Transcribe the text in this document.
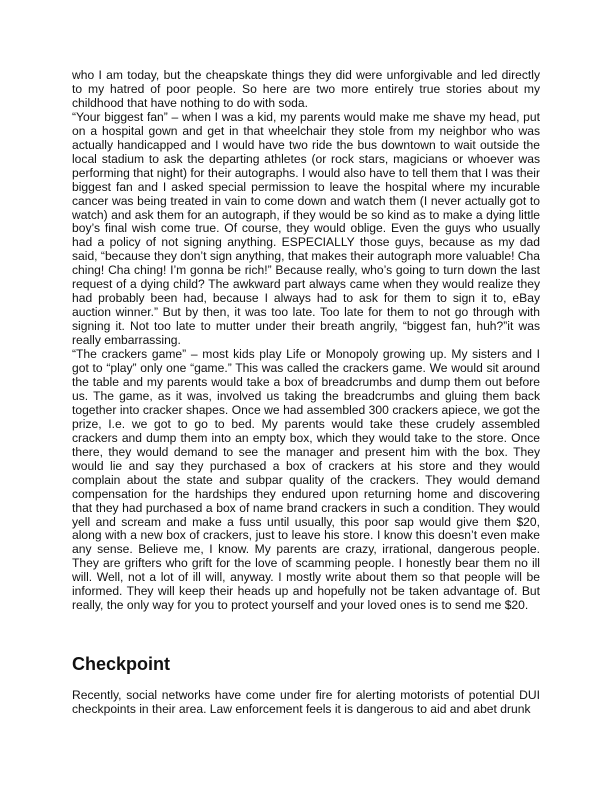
who I am today, but the cheapskate things they did were unforgivable and led directly to my hatred of poor people. So here are two more entirely true stories about my childhood that have nothing to do with soda.

“Your biggest fan” – when I was a kid, my parents would make me shave my head, put on a hospital gown and get in that wheelchair they stole from my neighbor who was actually handicapped and I would have two ride the bus downtown to wait outside the local stadium to ask the departing athletes (or rock stars, magicians or whoever was performing that night) for their autographs. I would also have to tell them that I was their biggest fan and I asked special permission to leave the hospital where my incurable cancer was being treated in vain to come down and watch them (I never actually got to watch) and ask them for an autograph, if they would be so kind as to make a dying little boy’s final wish come true. Of course, they would oblige. Even the guys who usually had a policy of not signing anything. ESPECIALLY those guys, because as my dad said, “because they don’t sign anything, that makes their autograph more valuable! Cha ching! Cha ching! I’m gonna be rich!” Because really, who’s going to turn down the last request of a dying child? The awkward part always came when they would realize they had probably been had, because I always had to ask for them to sign it to, eBay auction winner.” But by then, it was too late. Too late for them to not go through with signing it. Not too late to mutter under their breath angrily, “biggest fan, huh?”it was really embarrassing.

“The crackers game” – most kids play Life or Monopoly growing up. My sisters and I got to “play” only one “game.” This was called the crackers game. We would sit around the table and my parents would take a box of breadcrumbs and dump them out before us. The game, as it was, involved us taking the breadcrumbs and gluing them back together into cracker shapes. Once we had assembled 300 crackers apiece, we got the prize, I.e. we got to go to bed. My parents would take these crudely assembled crackers and dump them into an empty box, which they would take to the store. Once there, they would demand to see the manager and present him with the box. They would lie and say they purchased a box of crackers at his store and they would complain about the state and subpar quality of the crackers. They would demand compensation for the hardships they endured upon returning home and discovering that they had purchased a box of name brand crackers in such a condition. They would yell and scream and make a fuss until usually, this poor sap would give them $20, along with a new box of crackers, just to leave his store. I know this doesn’t even make any sense. Believe me, I know. My parents are crazy, irrational, dangerous people. They are grifters who grift for the love of scamming people. I honestly bear them no ill will. Well, not a lot of ill will, anyway. I mostly write about them so that people will be informed. They will keep their heads up and hopefully not be taken advantage of. But really, the only way for you to protect yourself and your loved ones is to send me $20.

Checkpoint

Recently, social networks have come under fire for alerting motorists of potential DUI checkpoints in their area. Law enforcement feels it is dangerous to aid and abet drunk
